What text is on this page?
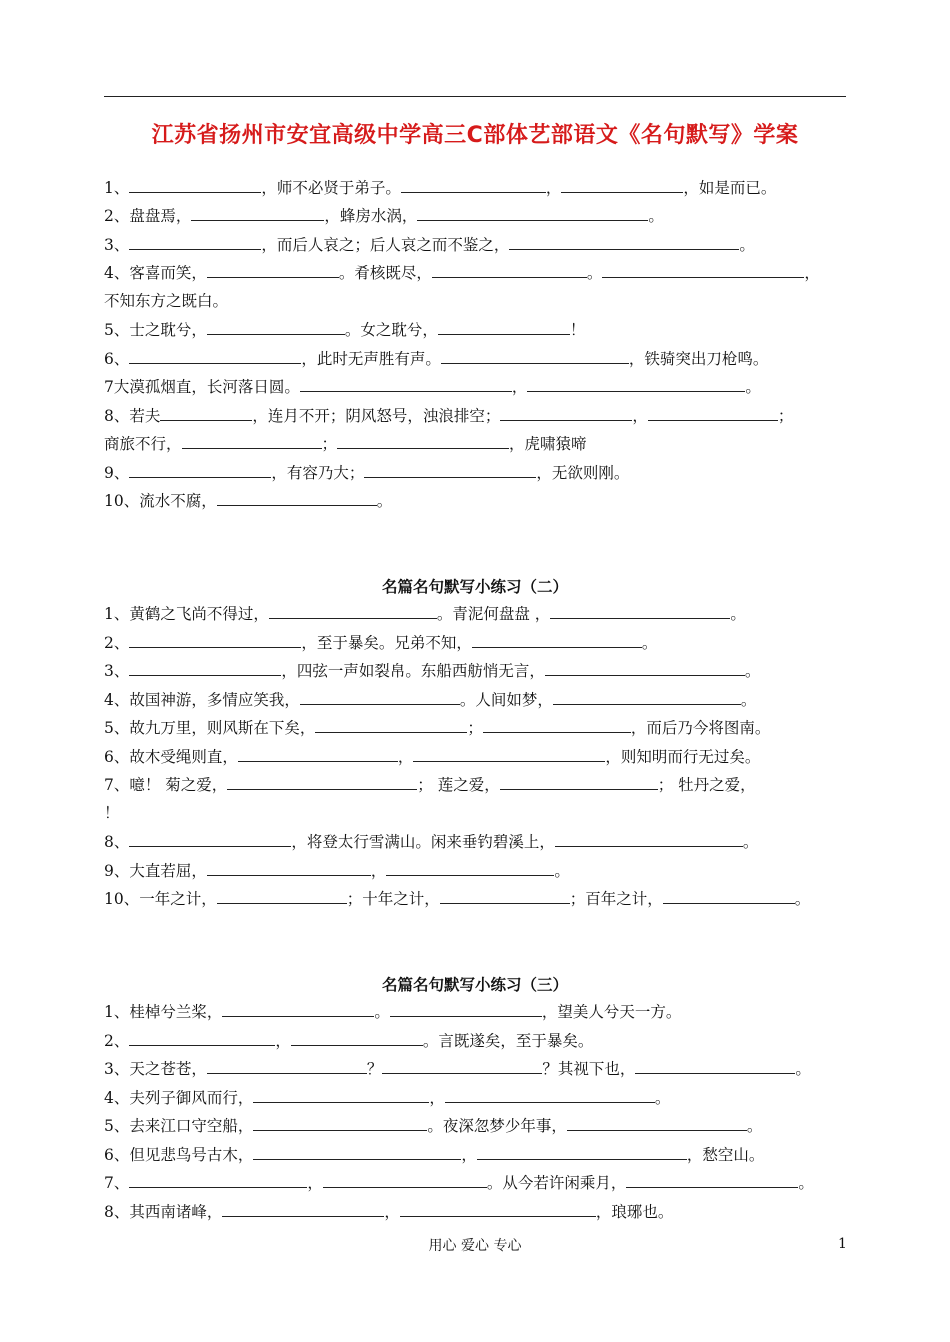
江苏省扬州市安宜高级中学高三C部体艺部语文《名句默写》学案
1、	，师不必贤于弟子。	，	，如是而已。
2、盘盘焉，	，蜂房水涡，	。
3、	，而后人哀之；后人哀之而不鉴之，	。
4、客喜而笑，	。肴核既尽，	。	，
不知东方之既白。
5、士之耽兮，	。女之耽兮，	！
6、	，此时无声胜有声。	，铁骑突出刀枪鸣。
7大漠孤烟直，长河落日圆。	，	。
8、若夫	，连月不开；阴风怒号，浊浪排空；	，	；
商旅不行，	；	，虎啸猿啼
9、	，有容乃大；	，无欲则刚。
10、流水不腐，	。
名篇名句默写小练习（二）
1、黄鹤之飞尚不得过，	。青泥何盘盘 ，	。
2、	，至于暴矣。兄弟不知，	。
3、	，四弦一声如裂帛。东船西舫悄无言，	。
4、故国神游，多情应笑我，	。人间如梦，	。
5、故九万里，则风斯在下矣，	；	，而后乃今将图南。
6、故木受绳则直，	，	，则知明而行无过矣。
7、噫！ 菊之爱，	； 莲之爱，	； 牡丹之爱，
！
8、	，将登太行雪满山。闲来垂钓碧溪上，	。
9、大直若屈，	，	。
10、一年之计，	；十年之计，	；百年之计，	。
名篇名句默写小练习（三）
1、桂棹兮兰桨，	。	，望美人兮天一方。
2、	，	。言既遂矣，至于暴矣。
3、天之苍苍，	？	？其视下也，	。
4、夫列子御风而行，	，	。
5、去来江口守空船，	。夜深忽梦少年事，	。
6、但见悲鸟号古木，	，	，愁空山。
7、	，	。从今若许闲乘月，	。
8、其西南诸峰，	，	，琅琊也。
用心 爱心 专心	1
